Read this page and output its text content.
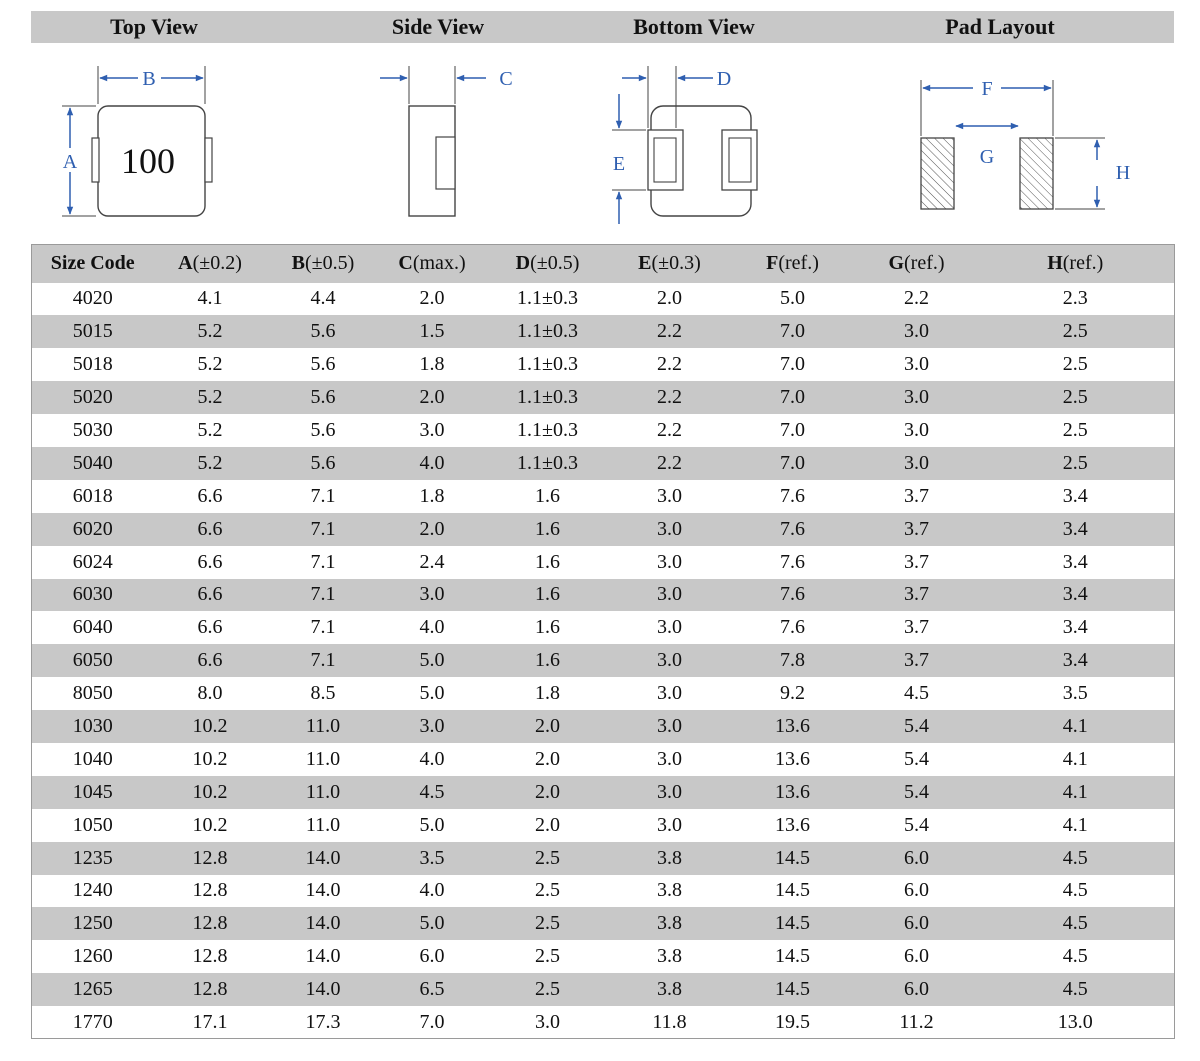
Top View	Side View	Bottom View	Pad Layout
100
B
A
C	D
E
F
G
H
Size Code	A(±0.2)	B(±0.5)	C(max.)	D(±0.5)	E(±0.3)	F(ref.)	G(ref.)	H(ref.)
4020	4.1	4.4	2.0	1.1±0.3	2.0	5.0	2.2	2.3
5015	5.2	5.6	1.5	1.1±0.3	2.2	7.0	3.0	2.5
5018	5.2	5.6	1.8	1.1±0.3	2.2	7.0	3.0	2.5
5020	5.2	5.6	2.0	1.1±0.3	2.2	7.0	3.0	2.5
5030	5.2	5.6	3.0	1.1±0.3	2.2	7.0	3.0	2.5
5040	5.2	5.6	4.0	1.1±0.3	2.2	7.0	3.0	2.5
6018	6.6	7.1	1.8	1.6	3.0	7.6	3.7	3.4
6020	6.6	7.1	2.0	1.6	3.0	7.6	3.7	3.4
6024	6.6	7.1	2.4	1.6	3.0	7.6	3.7	3.4
6030	6.6	7.1	3.0	1.6	3.0	7.6	3.7	3.4
6040	6.6	7.1	4.0	1.6	3.0	7.6	3.7	3.4
6050	6.6	7.1	5.0	1.6	3.0	7.8	3.7	3.4
8050	8.0	8.5	5.0	1.8	3.0	9.2	4.5	3.5
1030	10.2	11.0	3.0	2.0	3.0	13.6	5.4	4.1
1040	10.2	11.0	4.0	2.0	3.0	13.6	5.4	4.1
1045	10.2	11.0	4.5	2.0	3.0	13.6	5.4	4.1
1050	10.2	11.0	5.0	2.0	3.0	13.6	5.4	4.1
1235	12.8	14.0	3.5	2.5	3.8	14.5	6.0	4.5
1240	12.8	14.0	4.0	2.5	3.8	14.5	6.0	4.5
1250	12.8	14.0	5.0	2.5	3.8	14.5	6.0	4.5
1260	12.8	14.0	6.0	2.5	3.8	14.5	6.0	4.5
1265	12.8	14.0	6.5	2.5	3.8	14.5	6.0	4.5
1770	17.1	17.3	7.0	3.0	11.8	19.5	11.2	13.0
